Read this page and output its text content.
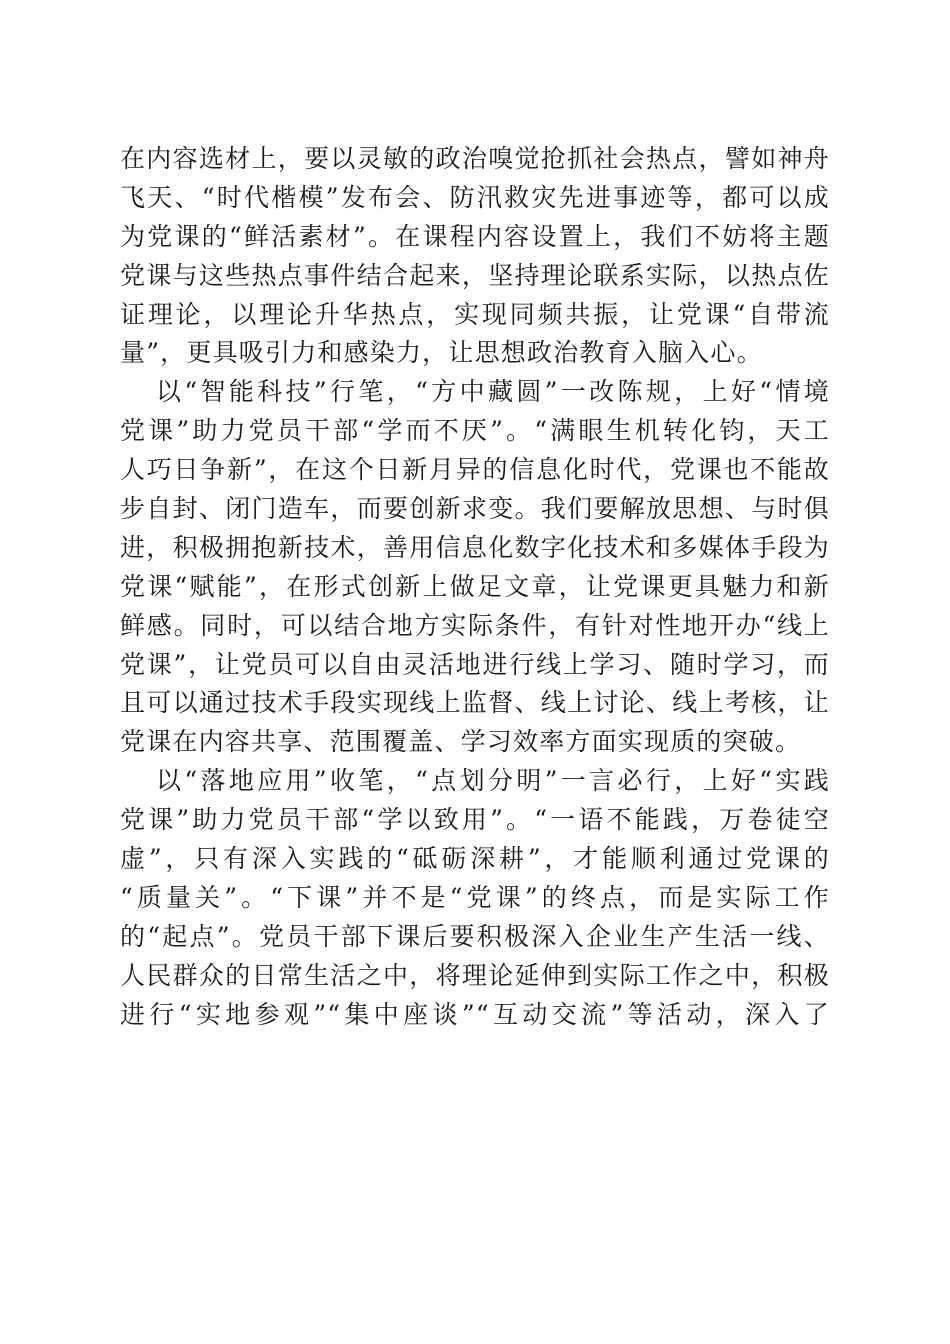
在内容选材上，要以灵敏的政治嗅觉抢抓社会热点，譬如神舟
飞天、“时代楷模”发布会、防汛救灾先进事迹等，都可以成
为党课的“鲜活素材”。在课程内容设置上，我们不妨将主题
党课与这些热点事件结合起来，坚持理论联系实际，以热点佐
证理论，以理论升华热点，实现同频共振，让党课“自带流
量”，更具吸引力和感染力，让思想政治教育入脑入心。
以“智能科技”行笔，“方中藏圆”一改陈规，上好“情境
党课”助力党员干部“学而不厌”。“满眼生机转化钧，天工
人巧日争新”，在这个日新月异的信息化时代，党课也不能故
步自封、闭门造车，而要创新求变。我们要解放思想、与时俱
进，积极拥抱新技术，善用信息化数字化技术和多媒体手段为
党课“赋能”，在形式创新上做足文章，让党课更具魅力和新
鲜感。同时，可以结合地方实际条件，有针对性地开办“线上
党课”，让党员可以自由灵活地进行线上学习、随时学习，而
且可以通过技术手段实现线上监督、线上讨论、线上考核，让
党课在内容共享、范围覆盖、学习效率方面实现质的突破。
以“落地应用”收笔，“点划分明”一言必行，上好“实践
党课”助力党员干部“学以致用”。“一语不能践，万卷徒空
虚”，只有深入实践的“砥砺深耕”，才能顺利通过党课的
“质量关”。“下课”并不是“党课”的终点，而是实际工作
的“起点”。党员干部下课后要积极深入企业生产生活一线、
人民群众的日常生活之中，将理论延伸到实际工作之中，积极
进行“实地参观”“集中座谈”“互动交流”等活动，深入了
